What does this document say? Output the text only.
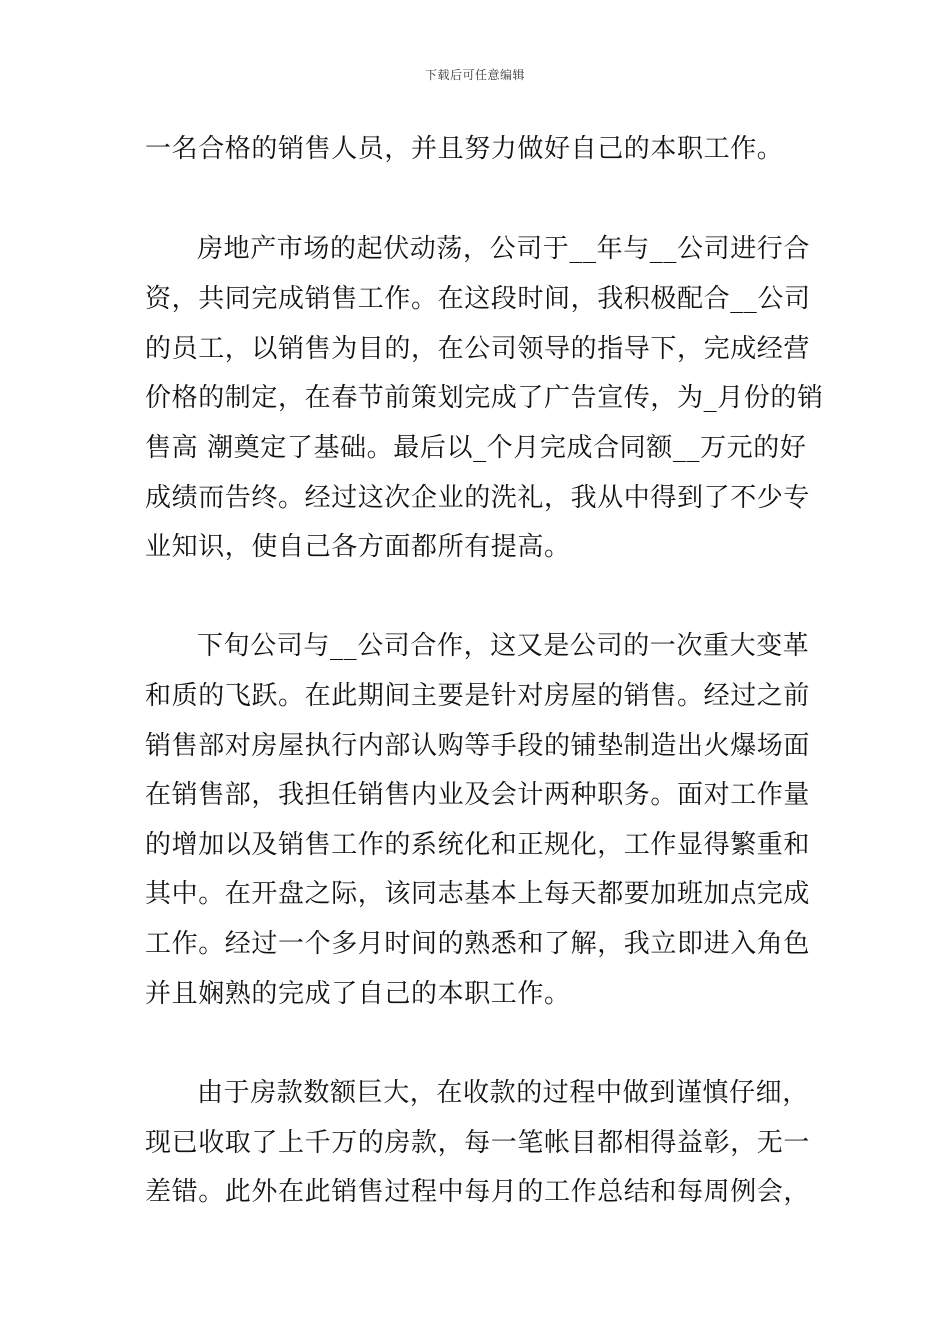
下载后可任意编辑
一名合格的销售人员，并且努力做好自己的本职工作。
房地产市场的起伏动荡，公司于__年与__公司进行合
资，共同完成销售工作。在这段时间，我积极配合__公司
的员工，以销售为目的，在公司领导的指导下，完成经营
价格的制定，在春节前策划完成了广告宣传，为_月份的销
售高 潮奠定了基础。最后以_个月完成合同额__万元的好
成绩而告终。经过这次企业的洗礼，我从中得到了不少专
业知识，使自己各方面都所有提高。
下旬公司与__公司合作，这又是公司的一次重大变革
和质的飞跃。在此期间主要是针对房屋的销售。经过之前
销售部对房屋执行内部认购等手段的铺垫制造出火爆场面
在销售部，我担任销售内业及会计两种职务。面对工作量
的增加以及销售工作的系统化和正规化，工作显得繁重和
其中。在开盘之际，该同志基本上每天都要加班加点完成
工作。经过一个多月时间的熟悉和了解，我立即进入角色
并且娴熟的完成了自己的本职工作。
由于房款数额巨大，在收款的过程中做到谨慎仔细，
现已收取了上千万的房款，每一笔帐目都相得益彰，无一
差错。此外在此销售过程中每月的工作总结和每周例会，
